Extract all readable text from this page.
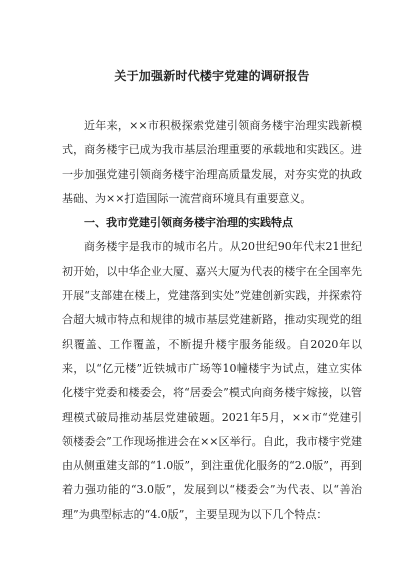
关于加强新时代楼宇党建的调研报告

近年来，××市积极探索党建引领商务楼宇治理实践新模式，商务楼宇已成为我市基层治理重要的承载地和实践区。进一步加强党建引领商务楼宇治理高质量发展，对夯实党的执政基础、为××打造国际一流营商环境具有重要意义。

一、我市党建引领商务楼宇治理的实践特点

商务楼宇是我市的城市名片。从20世纪90年代末21世纪初开始，以中华企业大厦、嘉兴大厦为代表的楼宇在全国率先开展“支部建在楼上，党建落到实处”党建创新实践，并探索符合超大城市特点和规律的城市基层党建新路，推动实现党的组织覆盖、工作覆盖，不断提升楼宇服务能级。自2020年以来，以“亿元楼”近铁城市广场等10幢楼宇为试点，建立实体化楼宇党委和楼委会，将“居委会”模式向商务楼宇嫁接，以管理模式破局推动基层党建破题。2021年5月，××市“党建引领楼委会”工作现场推进会在××区举行。自此，我市楼宇党建由从侧重建支部的“1.0版”，到注重优化服务的“2.0版”，再到着力强功能的“3.0版”，发展到以“楼委会”为代表、以“善治理”为典型标志的“4.0版”，主要呈现为以下几个特点：
